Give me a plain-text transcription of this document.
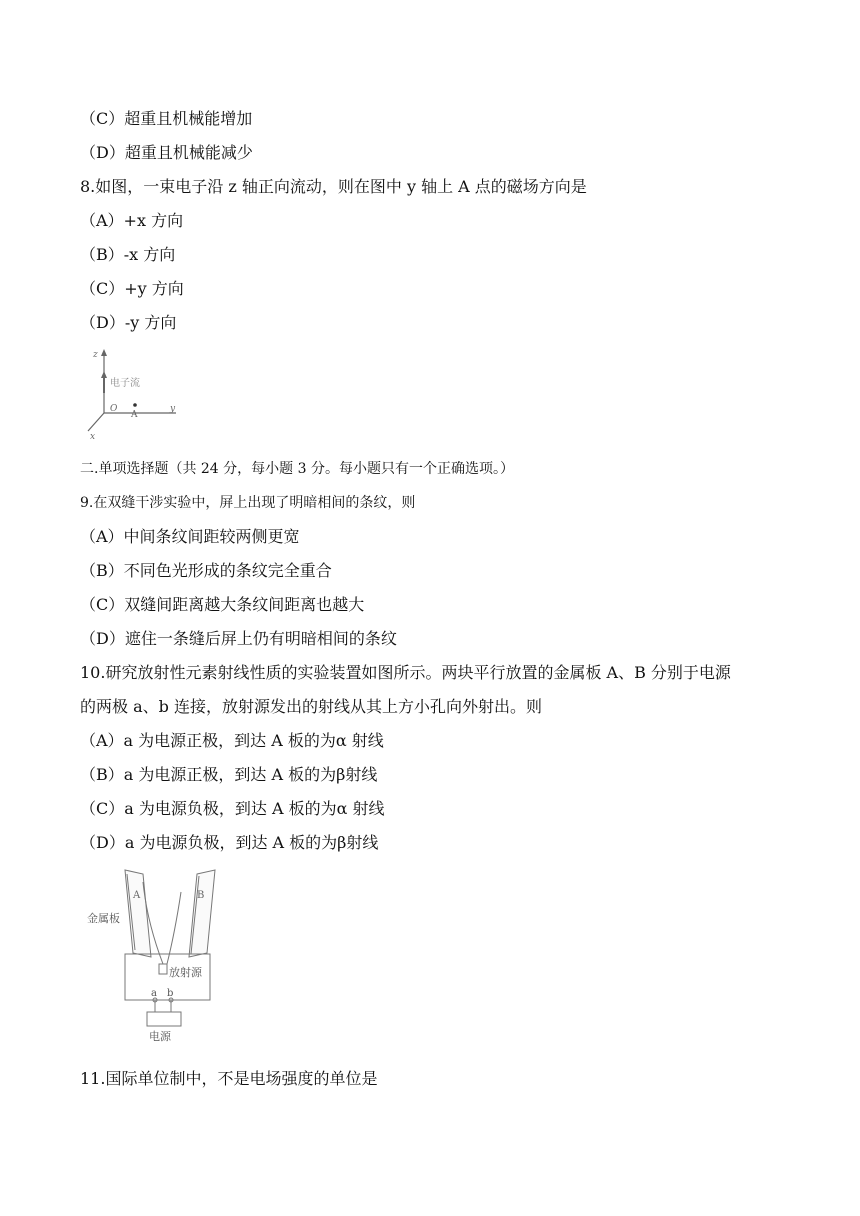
（C）超重且机械能增加
（D）超重且机械能减少
8.如图，一束电子沿 z 轴正向流动，则在图中 y 轴上 A 点的磁场方向是
（A）+x 方向
（B）-x 方向
（C）+y 方向
（D）-y 方向
z
电子流
O
A
y
x
二.单项选择题（共 24 分，每小题 3 分。每小题只有一个正确选项。）
9.在双缝干涉实验中，屏上出现了明暗相间的条纹，则
（A）中间条纹间距较两侧更宽
（B）不同色光形成的条纹完全重合
（C）双缝间距离越大条纹间距离也越大
（D）遮住一条缝后屏上仍有明暗相间的条纹
10.研究放射性元素射线性质的实验装置如图所示。两块平行放置的金属板 A、B 分别于电源
的两极 a、b 连接，放射源发出的射线从其上方小孔向外射出。则
（A）a 为电源正极，到达 A 板的为α 射线
（B）a 为电源正极，到达 A 板的为β射线
（C）a 为电源负极，到达 A 板的为α 射线
（D）a 为电源负极，到达 A 板的为β射线
A	B
金属板
放射源
a b
电源
11.国际单位制中，不是电场强度的单位是
